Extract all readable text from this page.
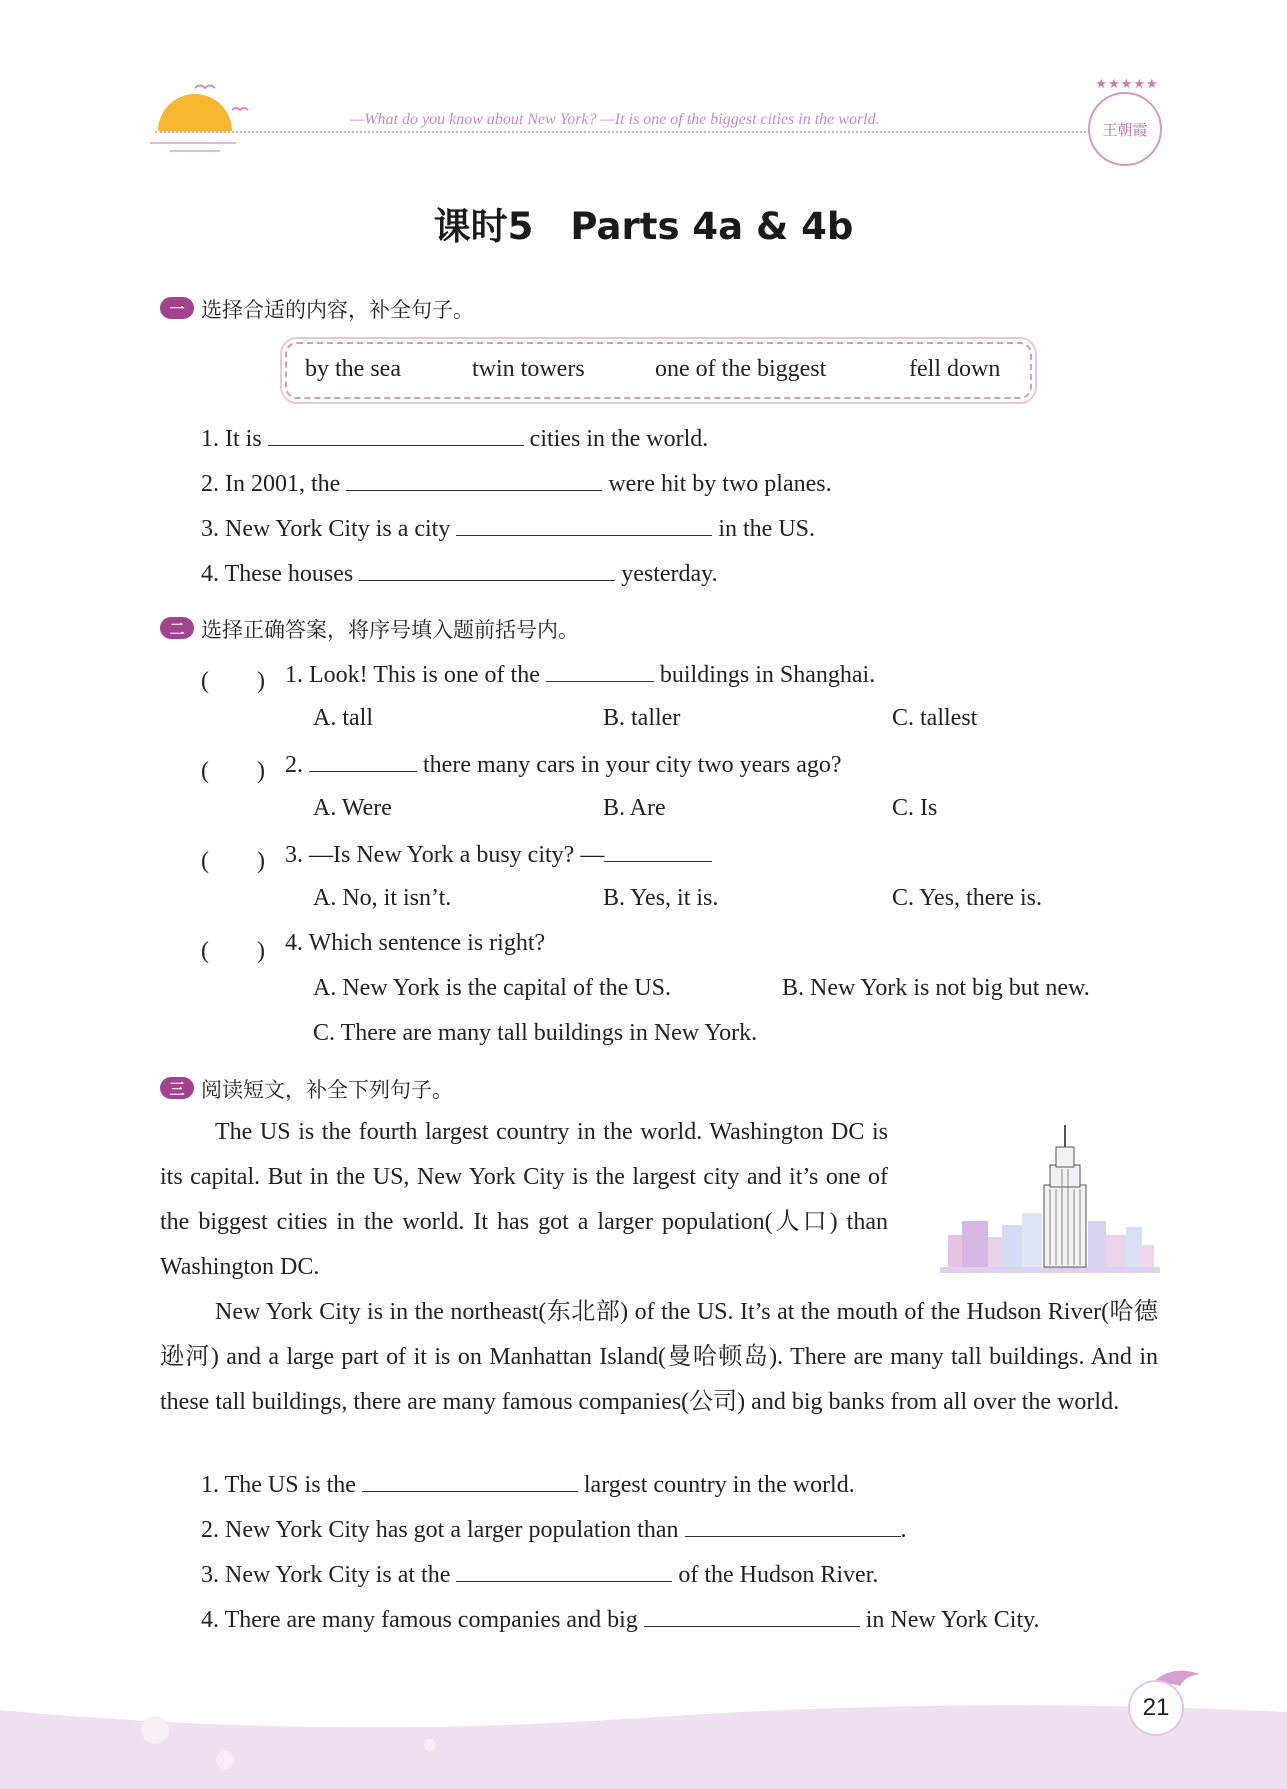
—What do you know about New York? —It is one of the biggest cities in the world.
★★★★★
王朝霞
课时5　Parts 4a & 4b
一 选择合适的内容，补全句子。
by the sea	twin towers	one of the biggest	fell down
1. It is	cities in the world.
2. In 2001, the	were hit by two planes.
3. New York City is a city	in the US.
4. These houses	yesterday.
二 选择正确答案，将序号填入题前括号内。
(　　) 1. Look! This is one of the	buildings in Shanghai.
A. tall	B. taller	C. tallest
(　　) 2.	there many cars in your city two years ago?
A. Were	B. Are	C. Is
(　　) 3. —Is New York a busy city? —
A. No, it isn’t.	B. Yes, it is.	C. Yes, there is.
(　　) 4. Which sentence is right?
A. New York is the capital of the US.	B. New York is not big but new.
C. There are many tall buildings in New York.
三 阅读短文，补全下列句子。
The US is the fourth largest country in the world. Washington DC is its capital. But in the US, New York City is the largest city and it’s one of the biggest cities in the world. It has got a larger population(人口) than Washington DC.
New York City is in the northeast(东北部) of the US. It’s at the mouth of the Hudson River(哈德逊河) and a large part of it is on Manhattan Island(曼哈顿岛). There are many tall buildings. And in these tall buildings, there are many famous companies(公司) and big banks from all over the world.
1. The US is the	largest country in the world.
2. New York City has got a larger population than	.
3. New York City is at the	of the Hudson River.
4. There are many famous companies and big	in New York City.
21
